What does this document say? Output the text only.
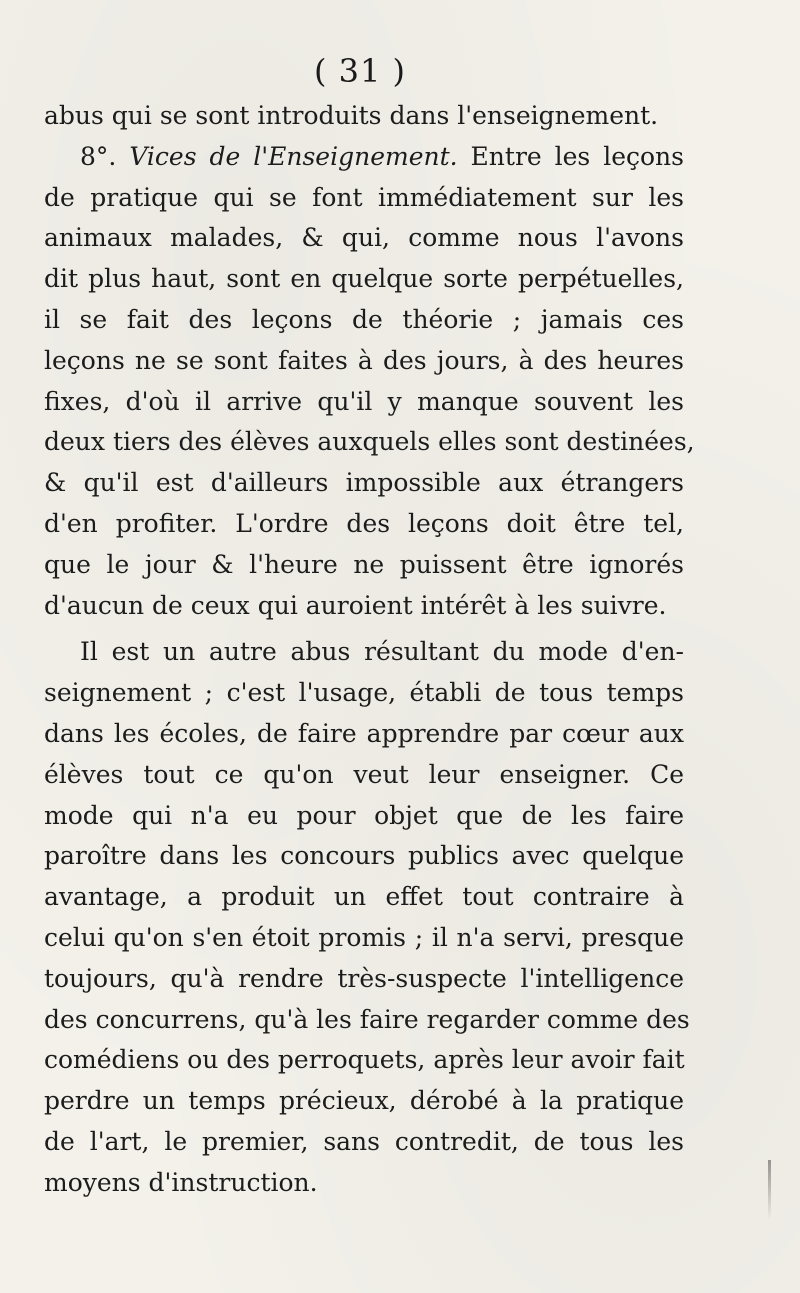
( 31 )
abus qui se sont introduits dans l'enseignement.
8°. Vices de l'Enseignement. Entre les leçons
de pratique qui se font immédiatement sur les
animaux malades, & qui, comme nous l'avons
dit plus haut, sont en quelque sorte perpétuelles,
il se fait des leçons de théorie ; jamais ces
leçons ne se sont faites à des jours, à des heures
fixes, d'où il arrive qu'il y manque souvent les
deux tiers des élèves auxquels elles sont destinées,
& qu'il est d'ailleurs impossible aux étrangers
d'en profiter. L'ordre des leçons doit être tel,
que le jour & l'heure ne puissent être ignorés
d'aucun de ceux qui auroient intérêt à les suivre.
Il est un autre abus résultant du mode d'en-
seignement ; c'est l'usage, établi de tous temps
dans les écoles, de faire apprendre par cœur aux
élèves tout ce qu'on veut leur enseigner. Ce
mode qui n'a eu pour objet que de les faire
paroître dans les concours publics avec quelque
avantage, a produit un effet tout contraire à
celui qu'on s'en étoit promis ; il n'a servi, presque
toujours, qu'à rendre très-suspecte l'intelligence
des concurrens, qu'à les faire regarder comme des
comédiens ou des perroquets, après leur avoir fait
perdre un temps précieux, dérobé à la pratique
de l'art, le premier, sans contredit, de tous les
moyens d'instruction.
